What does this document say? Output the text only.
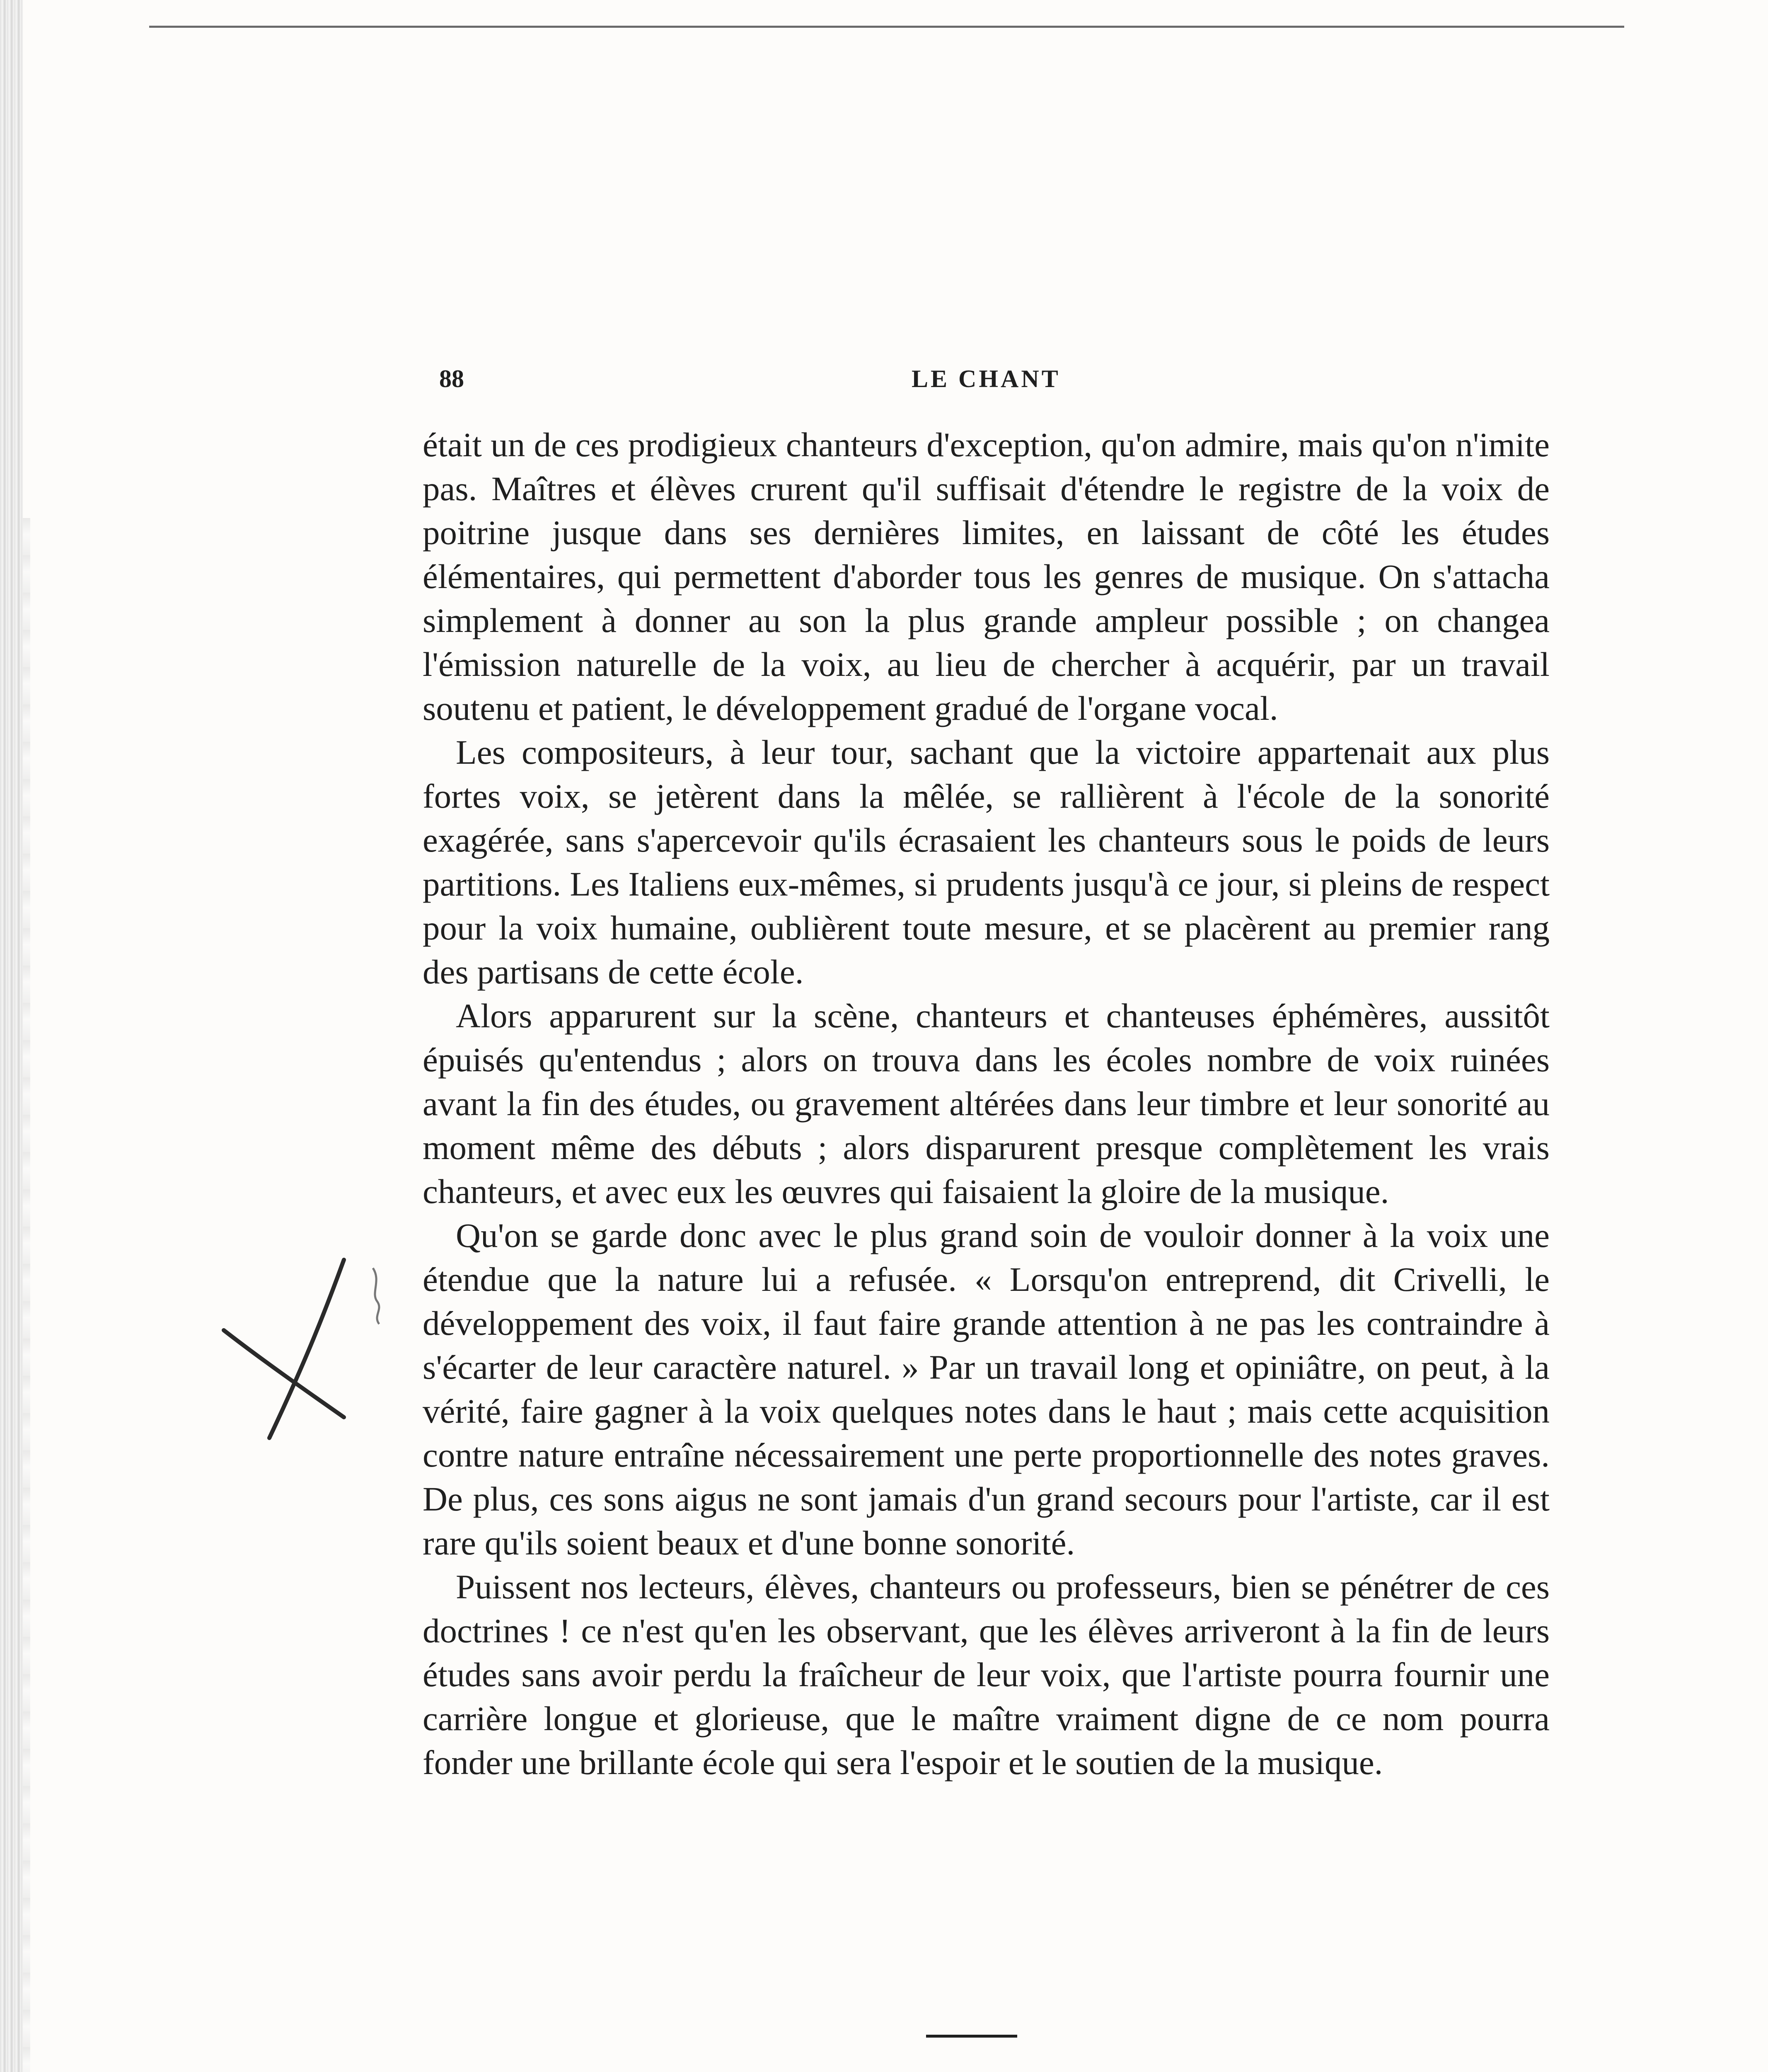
88	LE CHANT

était un de ces prodigieux chanteurs d'exception, qu'on admire, mais qu'on n'imite pas. Maîtres et élèves crurent qu'il suffisait d'étendre le registre de la voix de poitrine jusque dans ses dernières limites, en laissant de côté les études élémentaires, qui permettent d'aborder tous les genres de musique. On s'attacha simplement à donner au son la plus grande ampleur possible ; on changea l'émission naturelle de la voix, au lieu de chercher à acquérir, par un travail soutenu et patient, le développement gradué de l'organe vocal.

Les compositeurs, à leur tour, sachant que la victoire appartenait aux plus fortes voix, se jetèrent dans la mêlée, se rallièrent à l'école de la sonorité exagérée, sans s'apercevoir qu'ils écrasaient les chanteurs sous le poids de leurs partitions. Les Italiens eux-mêmes, si prudents jusqu'à ce jour, si pleins de respect pour la voix humaine, oublièrent toute mesure, et se placèrent au premier rang des partisans de cette école.

Alors apparurent sur la scène, chanteurs et chanteuses éphémères, aussitôt épuisés qu'entendus ; alors on trouva dans les écoles nombre de voix ruinées avant la fin des études, ou gravement altérées dans leur timbre et leur sonorité au moment même des débuts ; alors disparurent presque complètement les vrais chanteurs, et avec eux les œuvres qui faisaient la gloire de la musique.

Qu'on se garde donc avec le plus grand soin de vouloir donner à la voix une étendue que la nature lui a refusée. « Lorsqu'on entreprend, dit Crivelli, le développement des voix, il faut faire grande attention à ne pas les contraindre à s'écarter de leur caractère naturel. » Par un travail long et opiniâtre, on peut, à la vérité, faire gagner à la voix quelques notes dans le haut ; mais cette acquisition contre nature entraîne nécessairement une perte proportionnelle des notes graves. De plus, ces sons aigus ne sont jamais d'un grand secours pour l'artiste, car il est rare qu'ils soient beaux et d'une bonne sonorité.

Puissent nos lecteurs, élèves, chanteurs ou professeurs, bien se pénétrer de ces doctrines ! ce n'est qu'en les observant, que les élèves arriveront à la fin de leurs études sans avoir perdu la fraîcheur de leur voix, que l'artiste pourra fournir une carrière longue et glorieuse, que le maître vraiment digne de ce nom pourra fonder une brillante école qui sera l'espoir et le soutien de la musique.
